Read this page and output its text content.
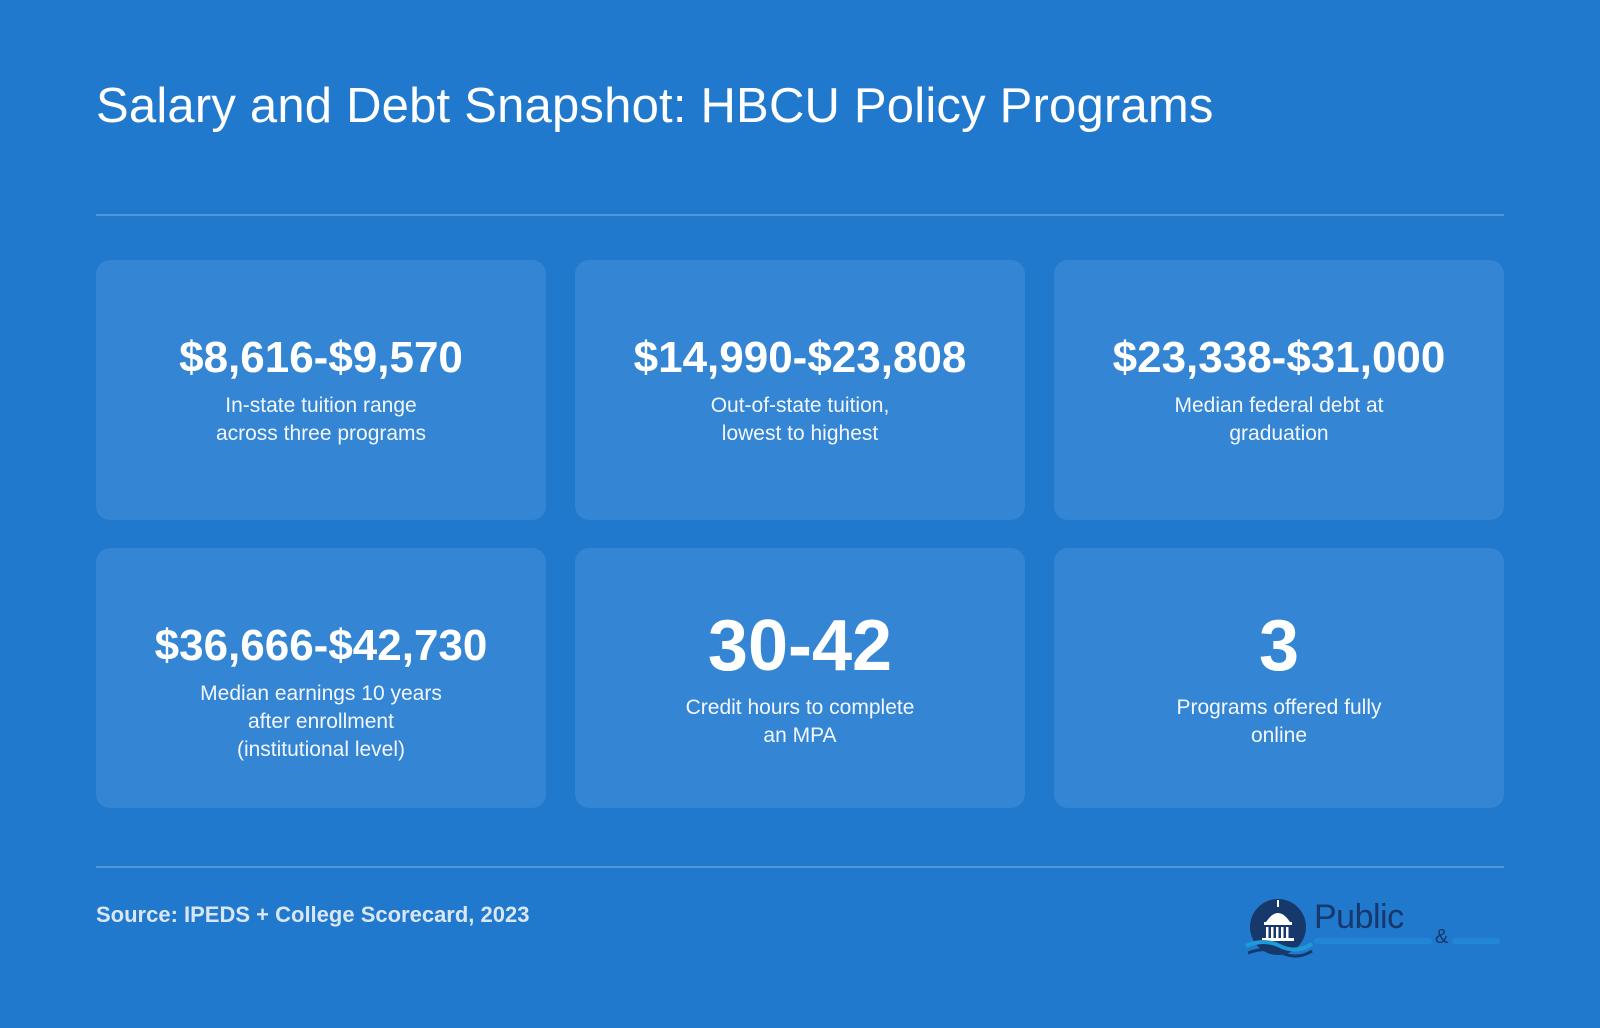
Salary and Debt Snapshot: HBCU Policy Programs
$8,616-$9,570
In-state tuition range
across three programs
$14,990-$23,808
Out-of-state tuition,
lowest to highest
$23,338-$31,000
Median federal debt at
graduation
$36,666-$42,730
Median earnings 10 years
after enrollment
(institutional level)
30-42
Credit hours to complete
an MPA
3
Programs offered fully
online
Source: IPEDS + College Scorecard, 2023	Public
&
